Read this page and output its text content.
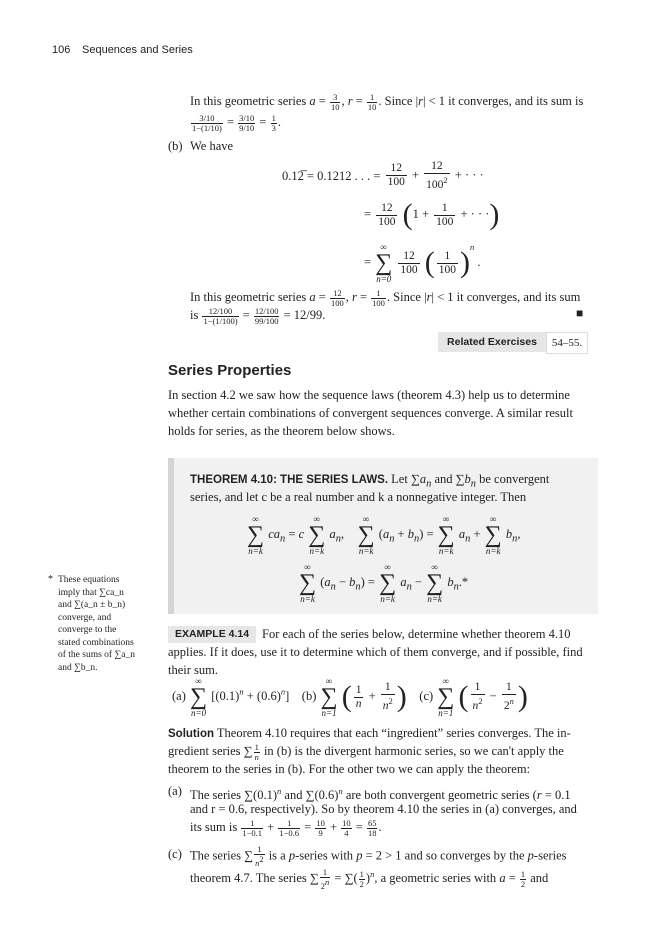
106 Sequences and Series
In this geometric series $a = \frac{3}{10}$ , $r = \frac{1}{10}$ . Since |r| < 1 it converges, and its sum is
$\frac{3/10}{1-(1/10)} = \frac{3/10}{9/10} = \frac{1}{3}$ .
(b) We have
0.12̅ = 0.1212 . . . = $\frac{12}{100} + \frac{12}{100^2}$ + · · ·
= $\frac{12}{100} (1 + \frac{1}{100}$ + · · ·)
=
∞
∑
n=0

$\frac{12}{100}$ ( $\frac{1}{100} )^n$ .
In this geometric series $a = \frac{12}{100}$ , $r = \frac{1}{100}$ . Since |r| < 1 it converges, and its sum
is $\frac{12/100}{1-(1/100)} = \frac{12/100}{99/100} = 12/99$.	■
Related Exercises	54–55.
Series Properties
In section 4.2 we saw how the sequence laws (theorem 4.3) help us to determine
whether certain combinations of convergent sequences converge. A similar result
holds for series, as the theorem below shows.
THEOREM 4.10: THE SERIES LAWS. Let $\sum a_n$ and $\sum b_n$ be convergent
series, and let c be a real number and k a nonnegative integer. Then
∞
∑
n=k
$ca_n = c$
∞
∑
n=k
$a_n$,
∞
∑
n=k
$(a_n + b_n)$ =
∞
∑
n=k
$a_n$ +
∞
∑
n=k
$b_n$,
∞
∑
n=k
$(a_n - b_n)$ =
∞
∑
n=k
$a_n$ −
∞
∑
n=k
$b_n.*$
* These equations
imply that ∑ca_n
and ∑(a_n ± b_n)
converge, and
converge to the
stated combinations
of the sums of ∑a_n
and ∑b_n.
EXAMPLE 4.14	For each of the series below, determine whether theorem 4.10
applies. If it does, use it to determine which of them converge, and if possible, find
their sum.
(a)
∞
∑
n=0
$[(0.1)^n + (0.6)^n]$    (b)
∞
∑
n=1 ( $\frac{1}{n} + \frac{1}{n^2}$ ) (c)
∞
∑
n=1 ( $\frac{1}{n^2} - \frac{1}{2^n}$ )
Solution Theorem 4.10 requires that each “ingredient” series converges. The in-
gredient series ∑ $\frac{1}{n}$ in (b) is the divergent harmonic series, so we can't apply the
theorem to the series in (b). For the other two we can apply the theorem:
(a) The series $\sum(0.1)^n$ and $\sum(0.6)^n$ are both convergent geometric series (r = 0.1
and r = 0.6, respectively). So by theorem 4.10 the series in (a) converges, and
its sum is $\frac{1}{1-0.1} + \frac{1}{1-0.6} = \frac{10}{9} + \frac{10}{4} = \frac{65}{18}$ .
(c) The series ∑ $\frac{1}{n^2}$ is a p-series with p = 2 > 1 and so converges by the p-series
theorem 4.7. The series ∑ $\frac{1}{2^n}$ = ∑( $\frac{1}{2} )^n$, a geometric series with $a = \frac{1}{2}$ and
